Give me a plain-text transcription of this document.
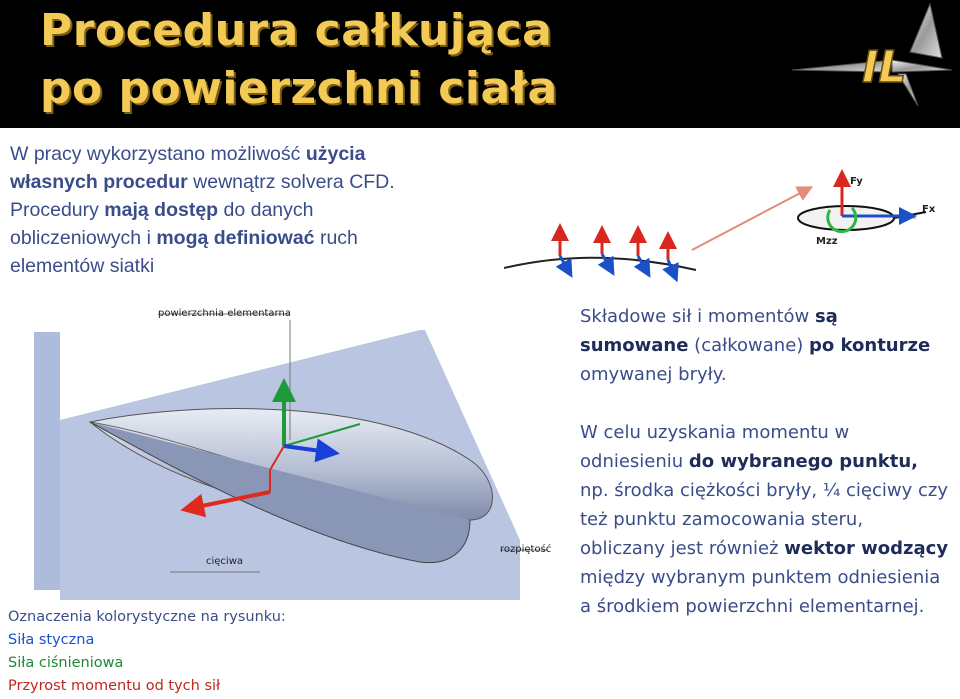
Procedura całkująca
po powierzchni ciała	IL
W pracy wykorzystano możliwość użycia własnych procedur wewnątrz solvera CFD. Procedury mają dostęp do danych obliczeniowych i mogą definiować ruch elementów siatki
Fy
Fx
Mzz
powierzchnia elementarna
cięciwa
rozpiętość
Składowe sił i momentów są sumowane (całkowane) po konturze omywanej bryły.
W celu uzyskania momentu w odniesieniu do wybranego punktu, np. środka ciężkości bryły, ¼ cięciwy czy też punktu zamocowania steru, obliczany jest również wektor wodzący między wybranym punktem odniesienia a środkiem powierzchni elementarnej.
Oznaczenia kolorystyczne na rysunku:
Siła styczna
Siła ciśnieniowa
Przyrost momentu od tych sił
